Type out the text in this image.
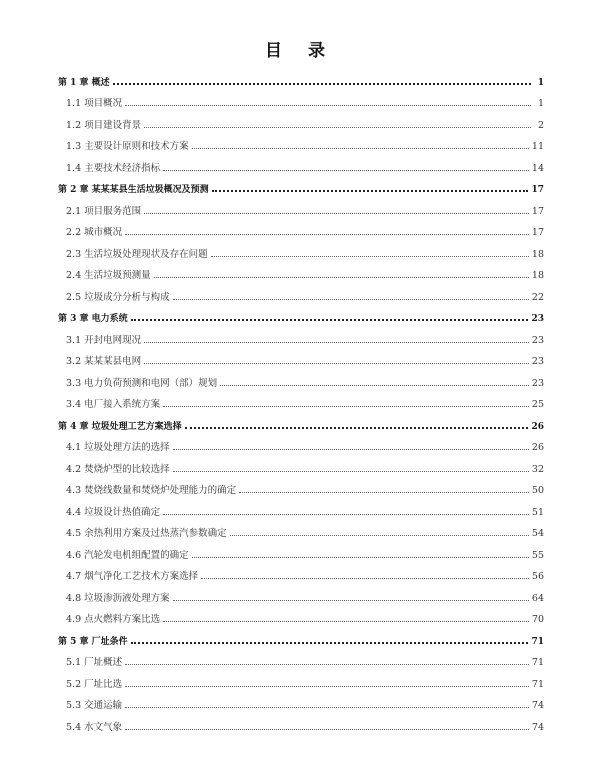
目 录
第 1 章 概述	1
1.1 项目概况	1
1.2 项目建设背景	2
1.3 主要设计原则和技术方案	11
1.4 主要技术经济指标	14
第 2 章 某某某县生活垃圾概况及预测	17
2.1 项目服务范围	17
2.2 城市概况	17
2.3 生活垃圾处理现状及存在问题	18
2.4 生活垃圾预测量	18
2.5 垃圾成分分析与构成	22
第 3 章 电力系统	23
3.1 开封电网现况	23
3.2 某某某县电网	23
3.3 电力负荷预测和电网（部）规划	23
3.4 电厂接入系统方案	25
第 4 章 垃圾处理工艺方案选择	26
4.1 垃圾处理方法的选择	26
4.2 焚烧炉型的比较选择	32
4.3 焚烧线数量和焚烧炉处理能力的确定	50
4.4 垃圾设计热值确定	51
4.5 余热利用方案及过热蒸汽参数确定	54
4.6 汽轮发电机组配置的确定	55
4.7 烟气净化工艺技术方案选择	56
4.8 垃圾渗沥液处理方案	64
4.9 点火燃料方案比选	70
第 5 章 厂址条件	71
5.1 厂址概述	71
5.2 厂址比选	71
5.3 交通运输	74
5.4 水文气象	74
